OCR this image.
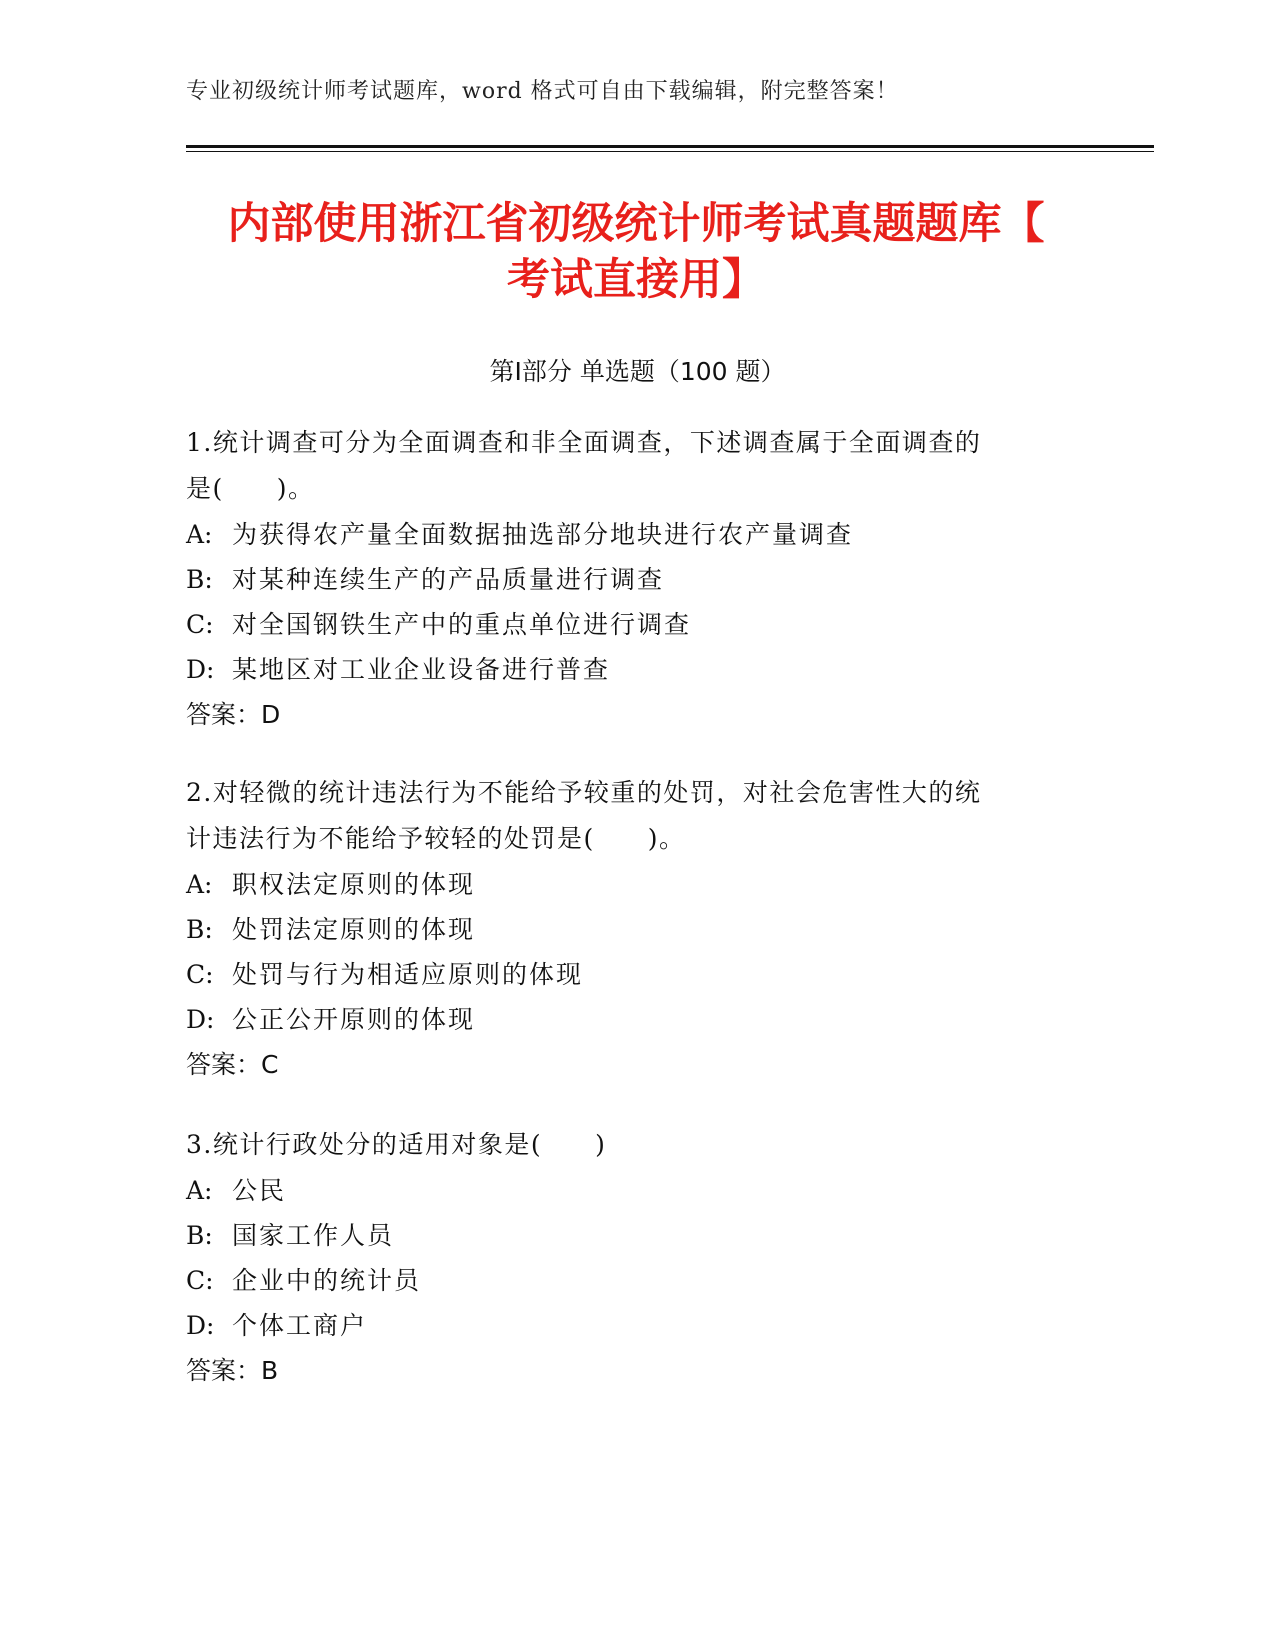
专业初级统计师考试题库，word 格式可自由下载编辑，附完整答案！
内部使用浙江省初级统计师考试真题题库【
考试直接用】
第Ⅰ部分 单选题（100 题）

1.统计调查可分为全面调查和非全面调查，下述调查属于全面调查的

是(　　)。

A: 为获得农产量全面数据抽选部分地块进行农产量调查

B: 对某种连续生产的产品质量进行调查

C: 对全国钢铁生产中的重点单位进行调查

D: 某地区对工业企业设备进行普查

答案：D

2.对轻微的统计违法行为不能给予较重的处罚，对社会危害性大的统

计违法行为不能给予较轻的处罚是(　　)。

A: 职权法定原则的体现

B: 处罚法定原则的体现

C: 处罚与行为相适应原则的体现

D: 公正公开原则的体现

答案：C

3.统计行政处分的适用对象是(　　)

A: 公民

B: 国家工作人员

C: 企业中的统计员

D: 个体工商户

答案：B
